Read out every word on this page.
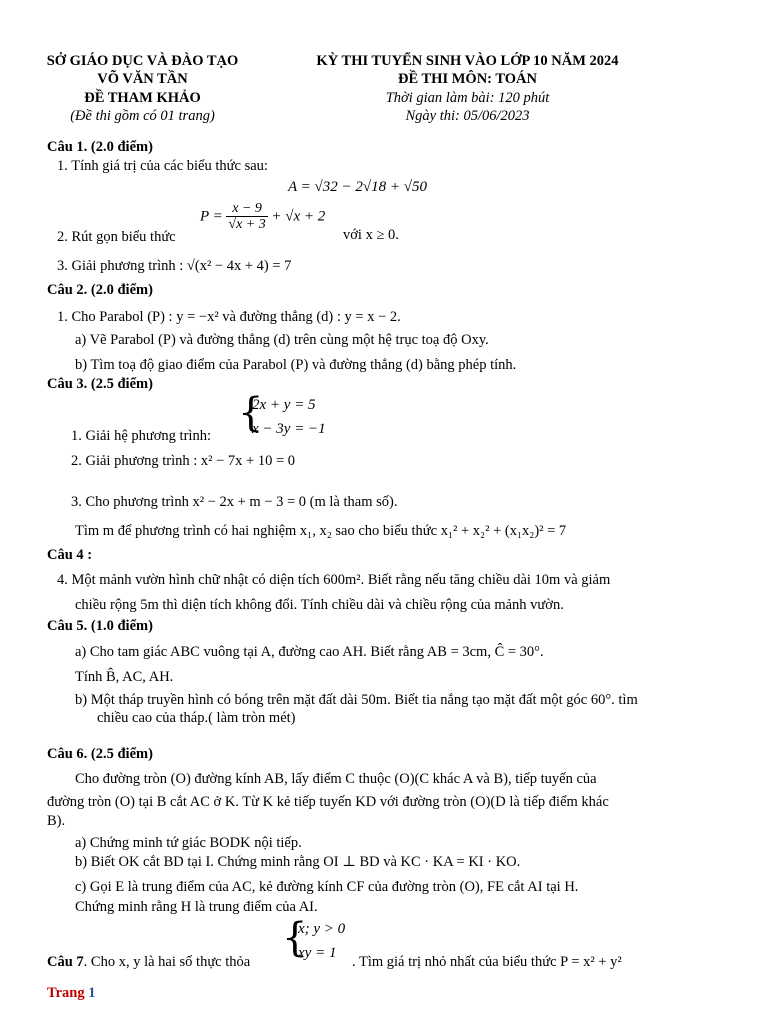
SỞ GIÁO DỤC VÀ ĐÀO TẠO
VÕ VĂN TẦN
ĐỀ THAM KHẢO
(Đề thi gồm có 01 trang)
KỲ THI TUYỂN SINH VÀO LỚP 10 NĂM 2024
ĐỀ THI MÔN: TOÁN
Thời gian làm bài: 120 phút
Ngày thi: 05/06/2023
Câu 1. (2.0 điểm)
1. Tính giá trị của các biểu thức sau:
A = √32 − 2√18 + √50
2. Rút gọn biểu thức
$P = \frac{x - 9}{√x + 3} + √x + 2$
với x ≥ 0.
3. Giải phương trình : √(x² − 4x + 4) = 7
Câu 2. (2.0 điểm)
1. Cho Parabol (P) : y = −x² và đường thẳng (d) : y = x − 2.
a) Vẽ Parabol (P) và đường thẳng (d) trên cùng một hệ trục toạ độ Oxy.
b) Tìm toạ độ giao điểm của Parabol (P) và đường thẳng (d) bằng phép tính.
Câu 3. (2.5 điểm)
1. Giải hệ phương trình: {
2x + y = 5
x − 3y = −1
2. Giải phương trình : x² − 7x + 10 = 0
3. Cho phương trình x² − 2x + m − 3 = 0 (m là tham số).
Tìm m để phương trình có hai nghiệm x₁, x₂ sao cho biểu thức x₁² + x₂² + (x₁x₂)² = 7
Câu 4 :
4. Một mảnh vườn hình chữ nhật có diện tích 600m². Biết rằng nếu tăng chiều dài 10m và giảm
chiều rộng 5m thì diện tích không đổi. Tính chiều dài và chiều rộng của mảnh vườn.
Câu 5. (1.0 điểm)
a) Cho tam giác ABC vuông tại A, đường cao AH. Biết rằng AB = 3cm, Ĉ = 30°.
Tính B̂, AC, AH.
b) Một tháp truyền hình có bóng trên mặt đất dài 50m. Biết tia nắng tạo mặt đất một góc 60°. tìm
chiều cao của tháp.( làm tròn mét)
Câu 6. (2.5 điểm)
Cho đường tròn (O) đường kính AB, lấy điểm C thuộc (O)(C khác A và B), tiếp tuyến của
đường tròn (O) tại B cắt AC ở K. Từ K kẻ tiếp tuyến KD với đường tròn (O)(D là tiếp điểm khác
B).
a) Chứng minh tứ giác BODK nội tiếp.
b) Biết OK cắt BD tại I. Chứng minh rằng OI ⊥ BD và KC · KA = KI · KO.
c) Gọi E là trung điểm của AC, kẻ đường kính CF của đường tròn (O), FE cắt AI tại H.
Chứng minh rằng H là trung điểm của AI.
Câu 7. Cho x, y là hai số thực thỏa
{
x; y > 0
xy = 1
. Tìm giá trị nhỏ nhất của biểu thức P = x² + y²
Trang 1
